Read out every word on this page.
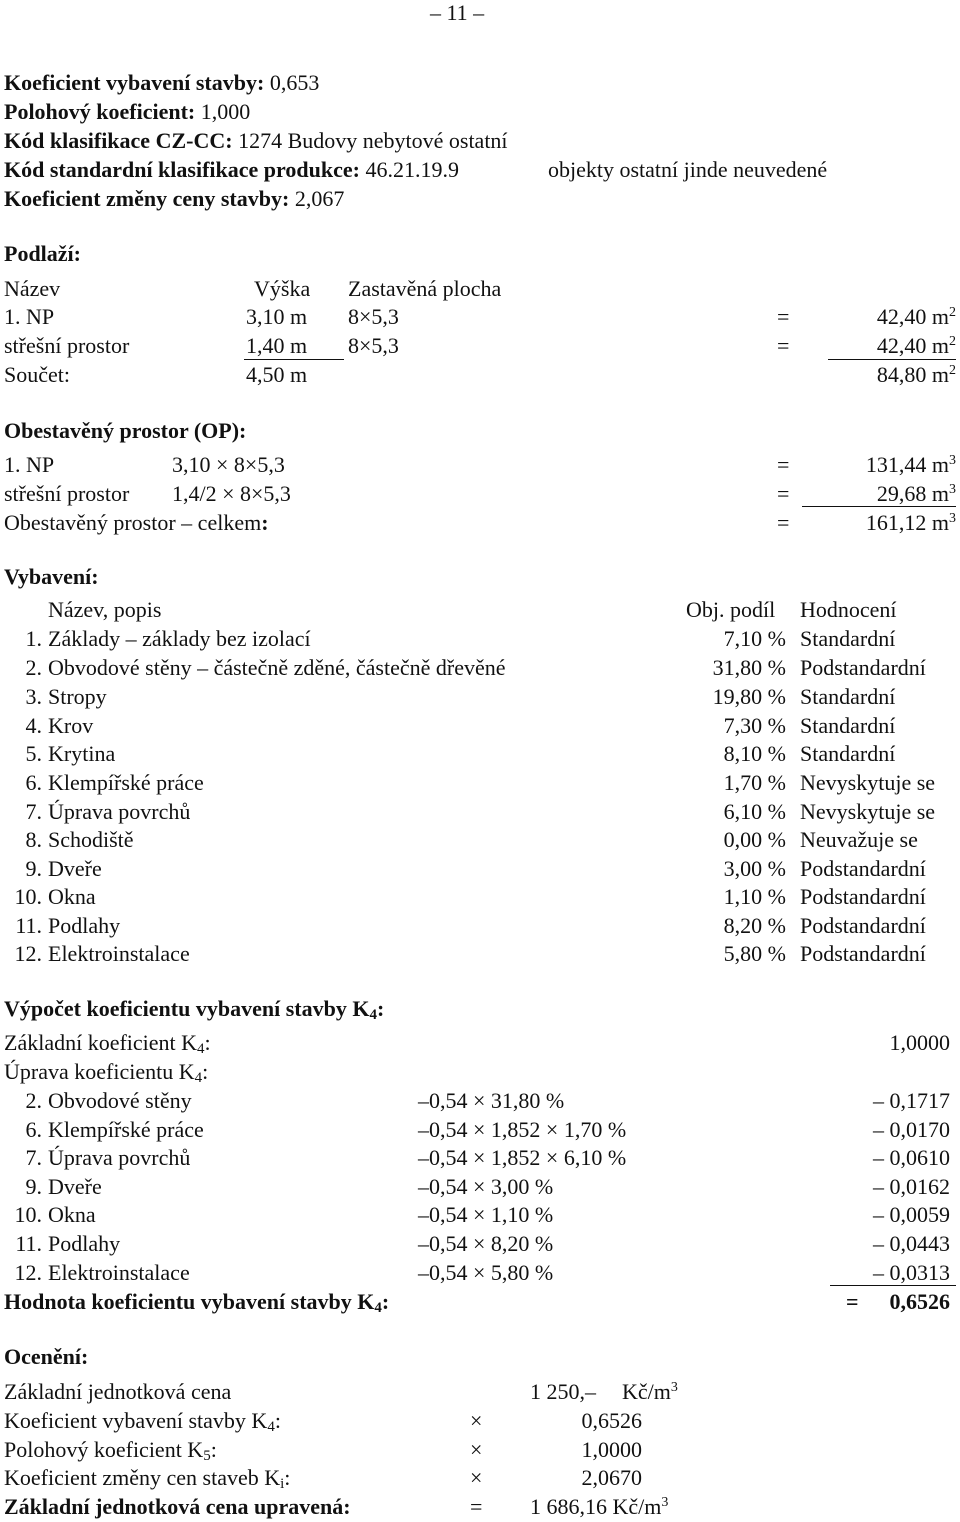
– 11 –
Koeficient vybavení stavby: 0,653
Polohový koeficient: 1,000
Kód klasifikace CZ-CC: 1274 Budovy nebytové ostatní
Kód standardní klasifikace produkce: 46.21.19.9	objekty ostatní jinde neuvedené
Koeficient změny ceny stavby: 2,067
Podlaží:
Název	Výška Zastavěná plocha
1. NP	3,10 m 8×5,3	=	42,40 $m^2$
střešní prostor	1,40 m 8×5,3	=	42,40 $m^2$
Součet:	4,50 m	84,80 $m^2$
Obestavěný prostor (OP):
1. NP	3,10 × 8×5,3	=	131,44 $m^3$
střešní prostor 1,4/2 × 8×5,3	=	29,68 $m^3$
Obestavěný prostor – celkem:	=	161,12 $m^3$
Vybavení:
Název, popis	Obj. podíl Hodnocení
1. Základy – základy bez izolací	7,10 % Standardní
2. Obvodové stěny – částečně zděné, částečně dřevěné	31,80 % Podstandardní
3. Stropy	19,80 % Standardní
4. Krov	7,30 % Standardní
5. Krytina	8,10 % Standardní
6. Klempířské práce	1,70 % Nevyskytuje se
7. Úprava povrchů	6,10 % Nevyskytuje se
8. Schodiště	0,00 % Neuvažuje se
9. Dveře	3,00 % Podstandardní
10. Okna	1,10 % Podstandardní
11. Podlahy	8,20 % Podstandardní
12. Elektroinstalace	5,80 % Podstandardní
Výpočet koeficientu vybavení stavby $K_4$:
Základní koeficient $K_4$:	1,0000
Úprava koeficientu $K_4$:
2. Obvodové stěny	–0,54 × 31,80 %	– 0,1717
6. Klempířské práce	–0,54 × 1,852 × 1,70 %	– 0,0170
7. Úprava povrchů	–0,54 × 1,852 × 6,10 %	– 0,0610
9. Dveře	–0,54 × 3,00 %	– 0,0162
10. Okna	–0,54 × 1,10 %	– 0,0059
11. Podlahy	–0,54 × 8,20 %	– 0,0443
12. Elektroinstalace	–0,54 × 5,80 %	– 0,0313
Hodnota koeficientu vybavení stavby $K_4$:	=	0,6526
Ocenění:
Základní jednotková cena	1 250,– $Kč/m^3$
Koeficient vybavení stavby $K_4$:	×	0,6526
Polohový koeficient $K_5$:	×	1,0000
Koeficient změny cen staveb $K_i$:	×	2,0670
Základní jednotková cena upravená:	= 1 686,16 $Kč/m^3$
